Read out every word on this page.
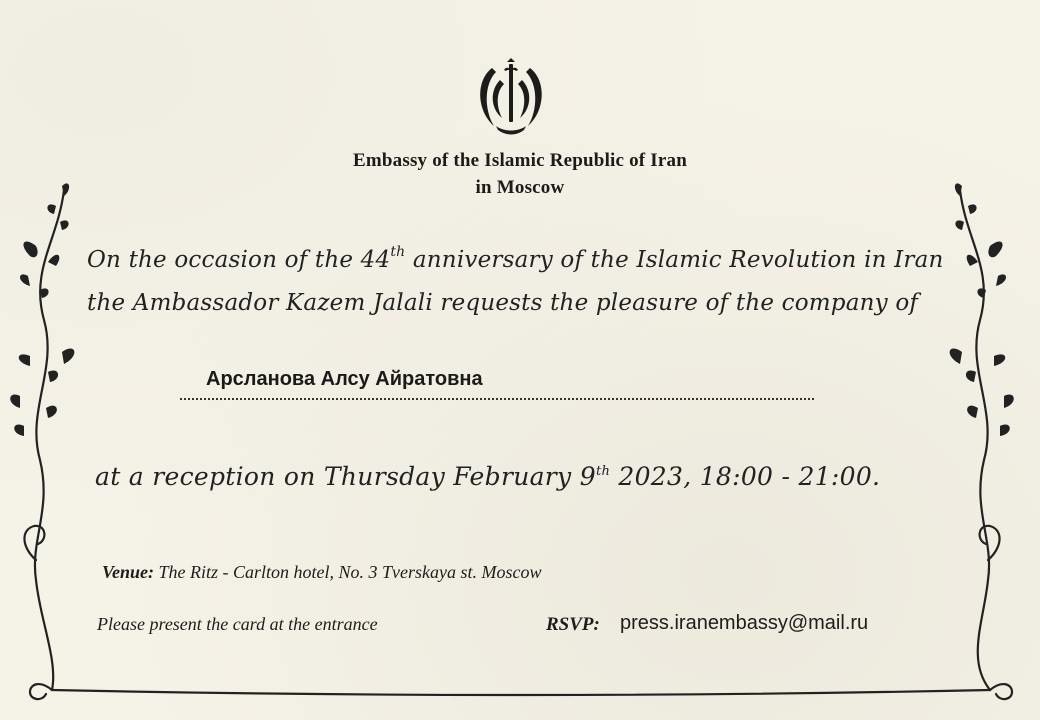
Embassy of the Islamic Republic of Iran
in Moscow
On the occasion of the 44th anniversary of the Islamic Revolution in Iran
the Ambassador Kazem Jalali requests the pleasure of the company of
Арсланова Алсу Айратовна
at a reception on Thursday February 9th 2023, 18:00 - 21:00.
Venue: The Ritz - Carlton hotel, No. 3 Tverskaya st. Moscow
Please present the card at the entrance	RSVP: press.iranembassy@mail.ru
